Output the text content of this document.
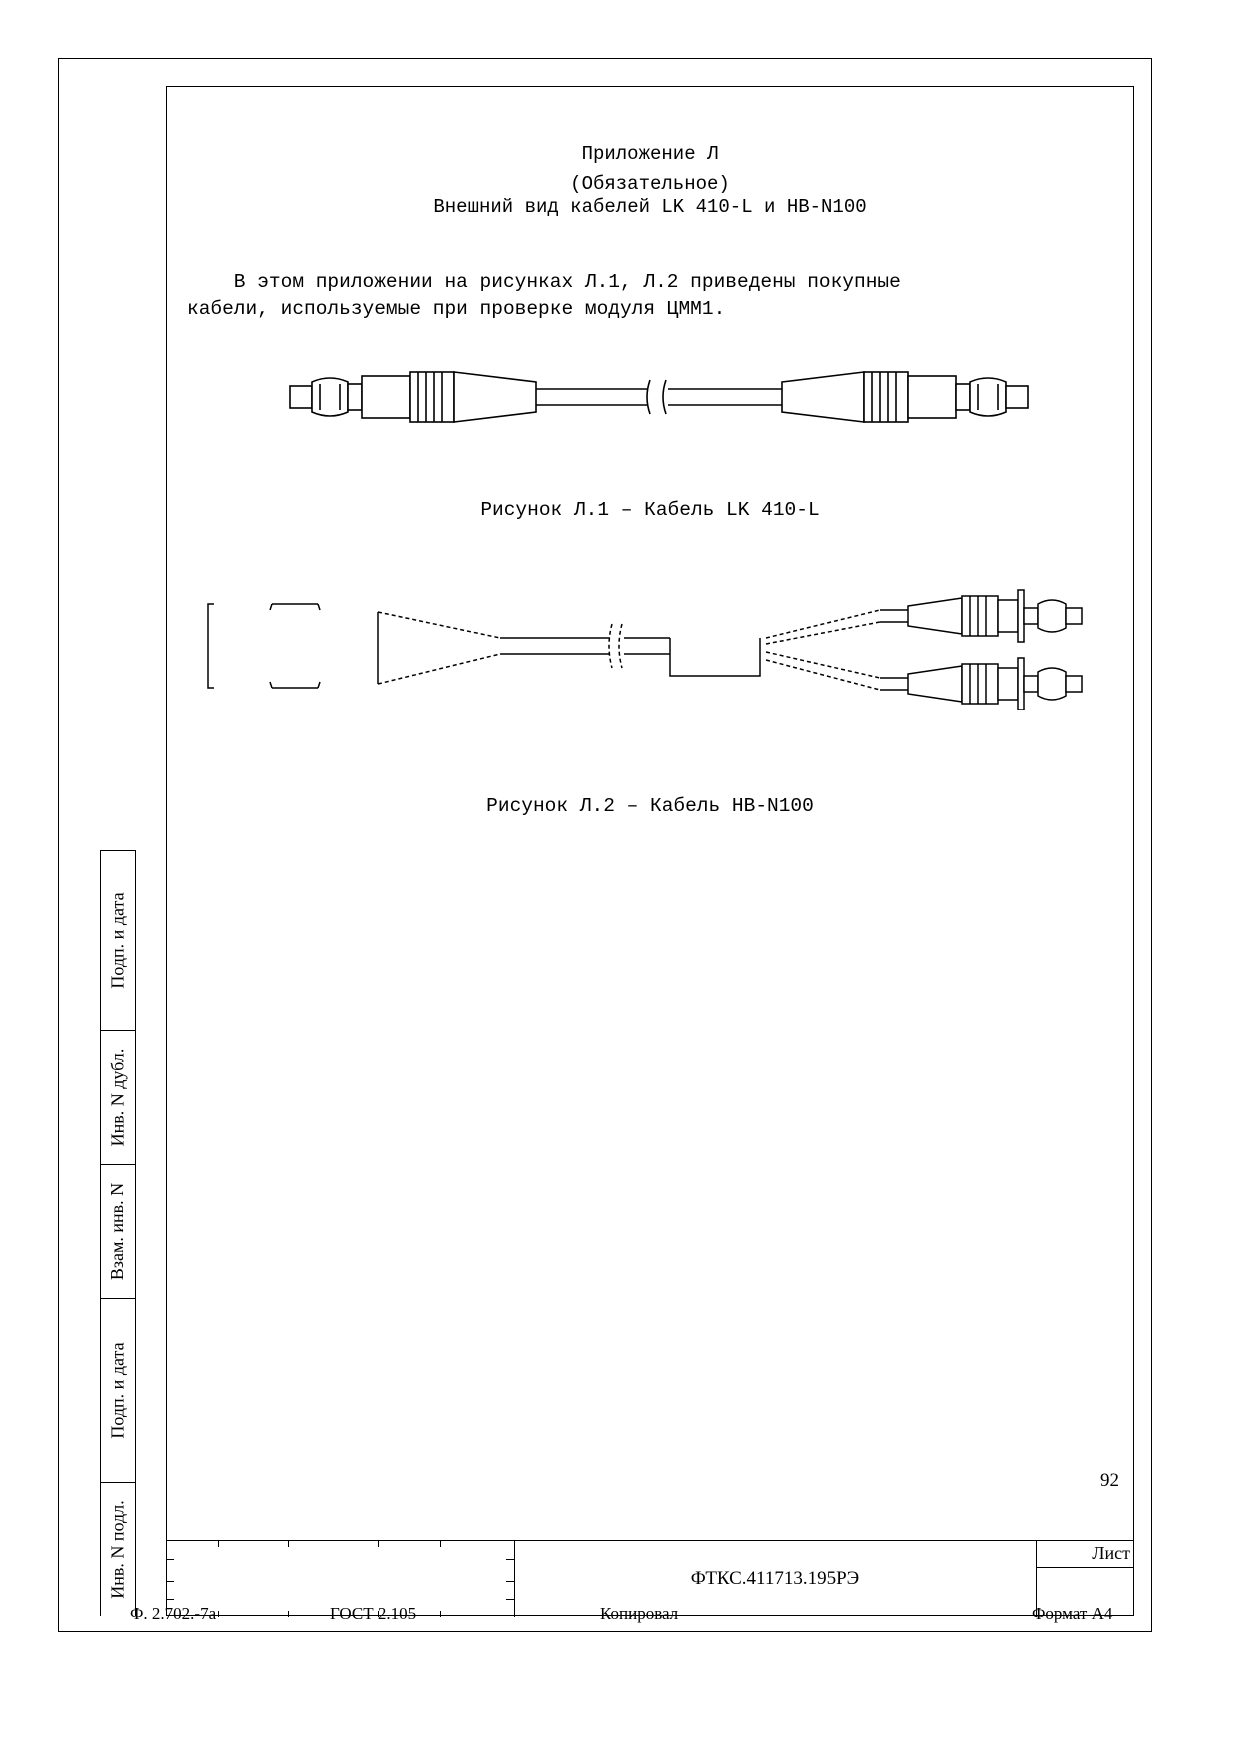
Приложение Л
(Обязательное)
Внешний вид кабелей LK 410-L и HB-N100
В этом приложении на рисунках Л.1, Л.2 приведены покупные
кабели, используемые при проверке модуля ЦММ1.
Рисунок Л.1 – Кабель LK 410-L
Рисунок Л.2 – Кабель HB-N100
Подп. и дата
Инв. N дубл.
Взам. инв. N
Подп. и дата
Инв. N подл.
92
ФТКС.411713.195РЭ
Лист
Ф. 2.702.-7а	ГОСТ 2.105	Копировал	Формат А4
